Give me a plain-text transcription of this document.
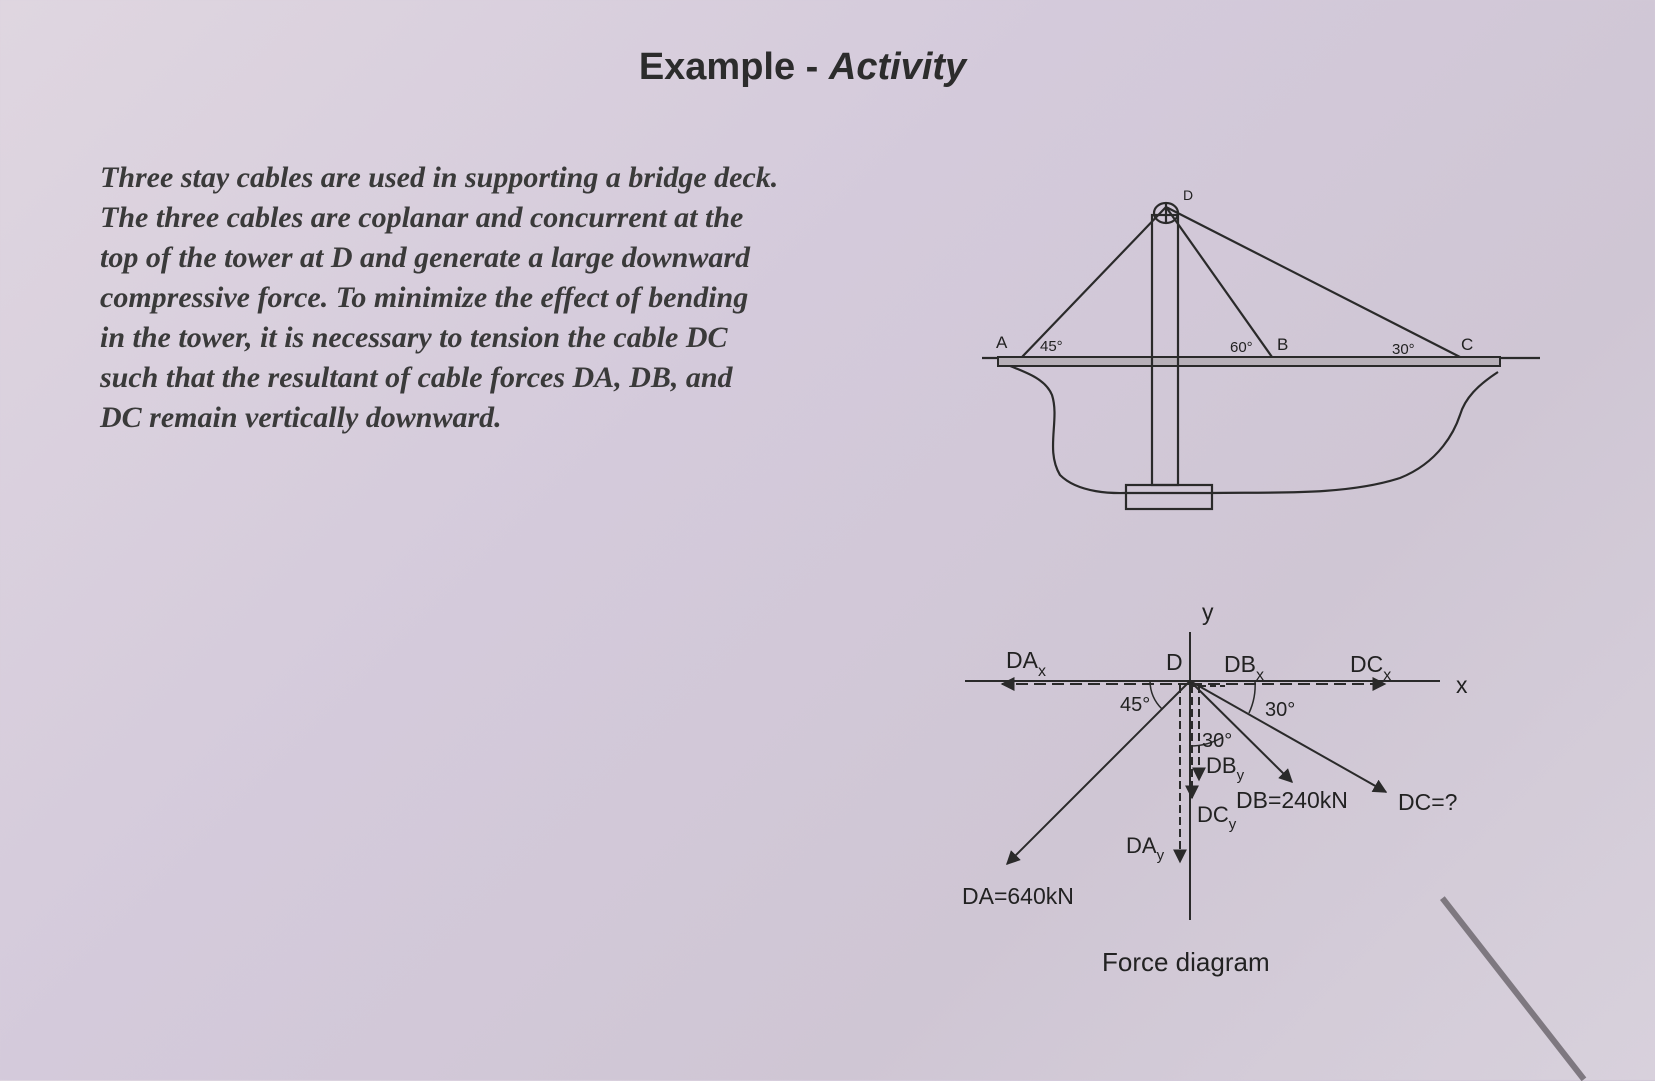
Example - Activity
Three stay cables are used in supporting a bridge deck.
The three cables are coplanar and concurrent at the
top of the tower at D and generate a large downward
compressive force. To minimize the effect of bending
in the tower, it is necessary to tension the cable DC
such that the resultant of cable forces DA, DB, and
DC remain vertically downward.
D
A 45°	60° B	30°	C
y
x
D
$DA_x$	$DB_x$	$DC_x$
45°	30°
30°
$DB_y$
$DC_y$
$DA_y$
DB=240kN DC=?
DA=640kN
Force diagram
